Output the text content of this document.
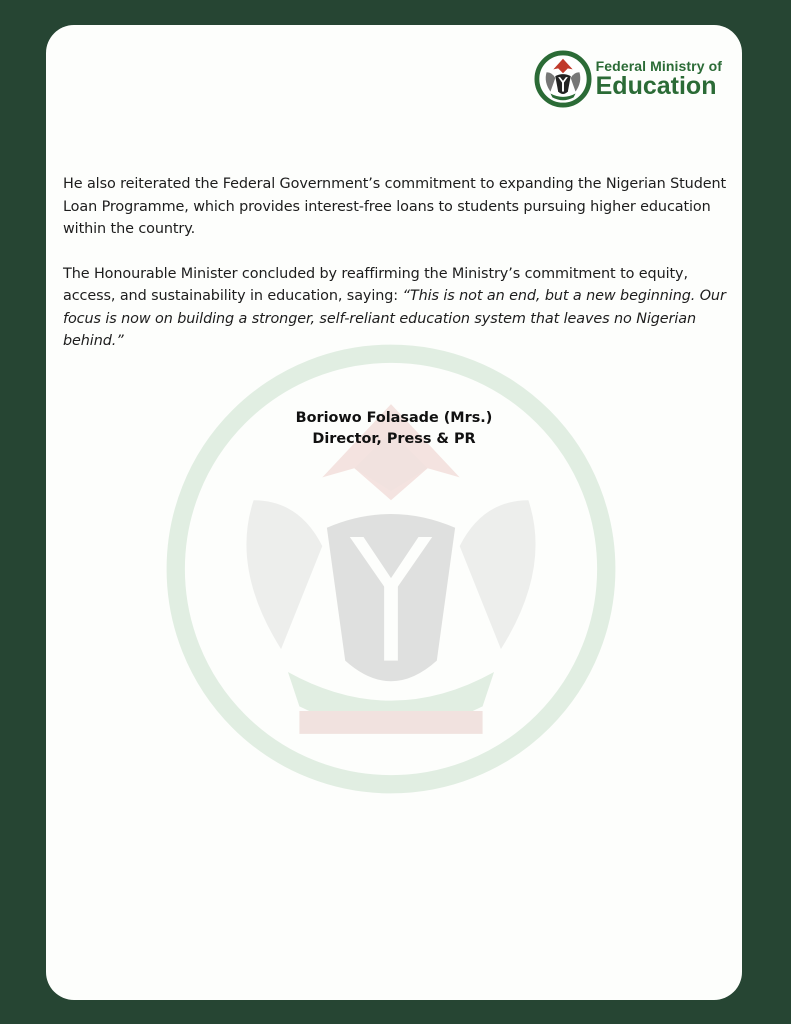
Federal Ministry of
Education

He also reiterated the Federal Government’s commitment to expanding the Nigerian Student Loan Programme, which provides interest-free loans to students pursuing higher education within the country.

The Honourable Minister concluded by reaffirming the Ministry’s commitment to equity, access, and sustainability in education, saying: “This is not an end, but a new beginning. Our focus is now on building a stronger, self-reliant education system that leaves no Nigerian behind.”

Boriowo Folasade (Mrs.)
Director, Press & PR
